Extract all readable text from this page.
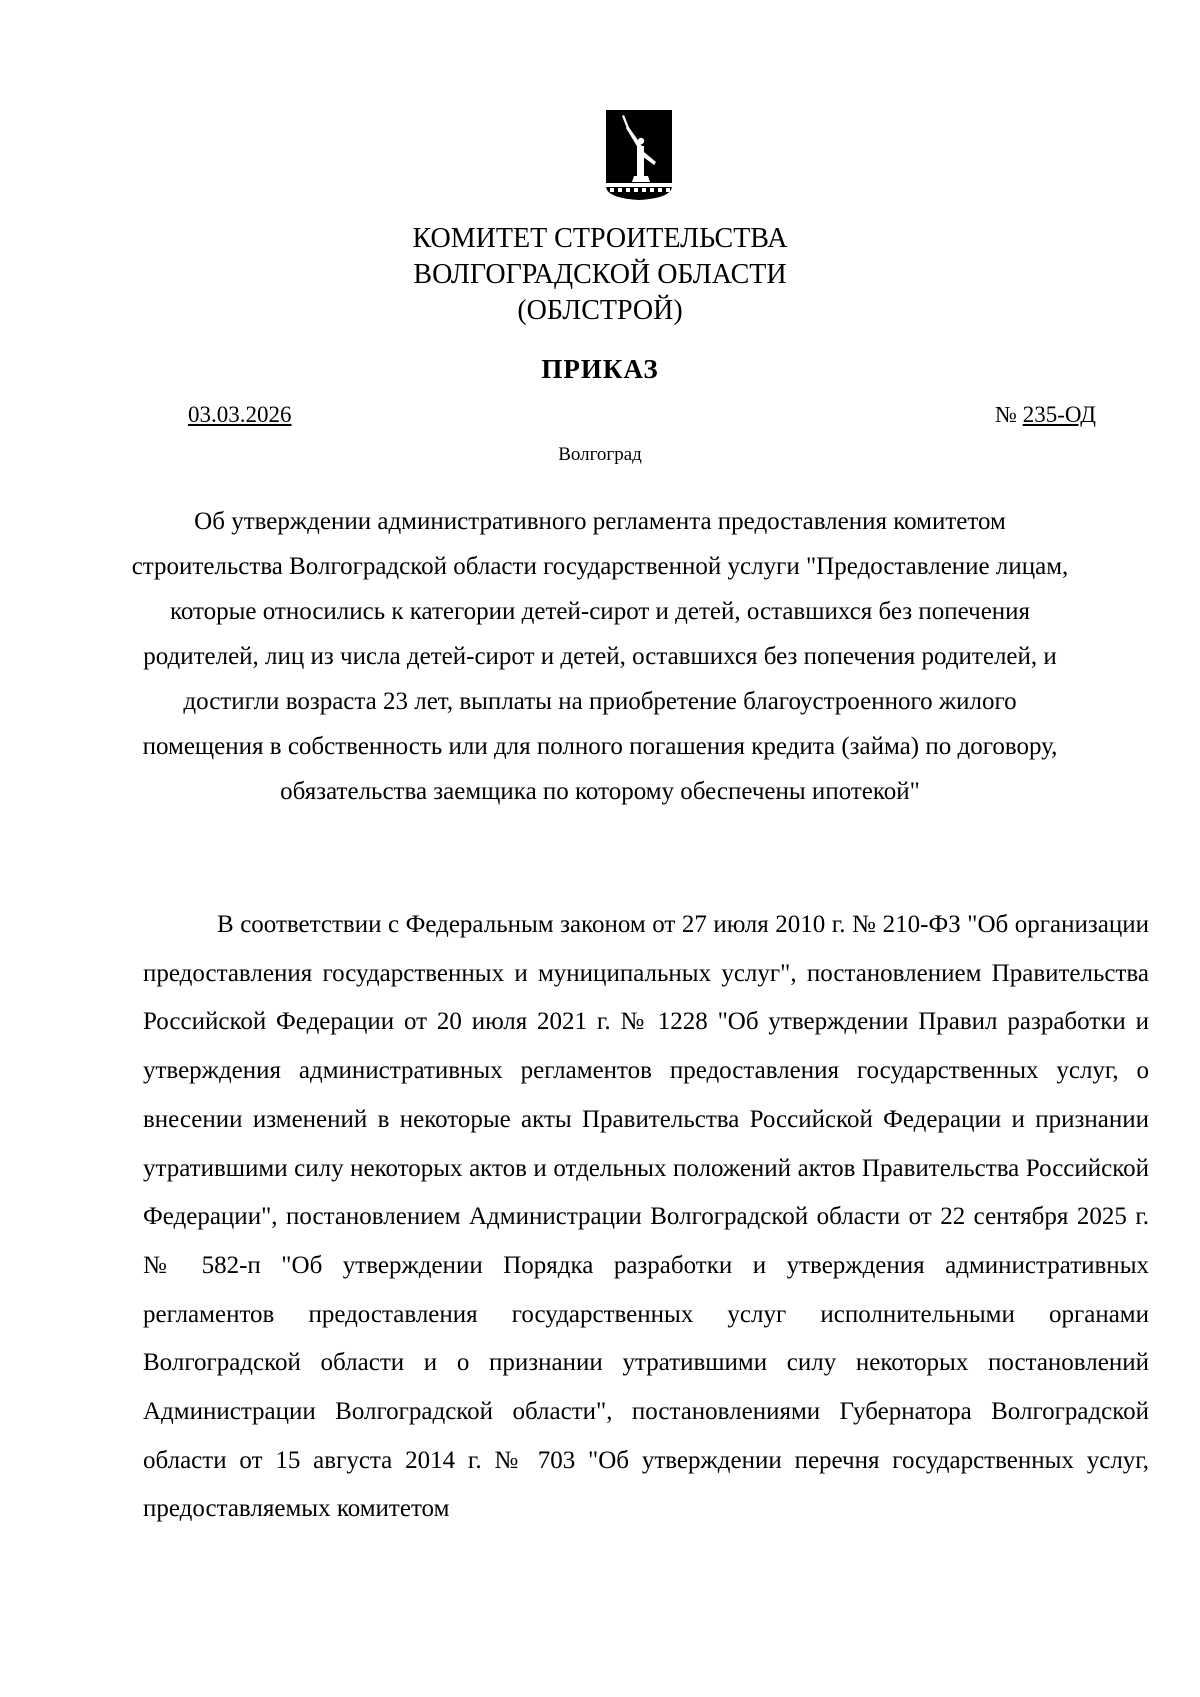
КОМИТЕТ СТРОИТЕЛЬСТВА
ВОЛГОГРАДСКОЙ ОБЛАСТИ
(ОБЛСТРОЙ)
ПРИКАЗ
03.03.2026	№ 235-ОД
Волгоград
Об утверждении административного регламента предоставления комитетом строительства Волгоградской области государственной услуги "Предоставление лицам, которые относились к категории детей-сирот и детей, оставшихся без попечения родителей, лиц из числа детей-сирот и детей, оставшихся без попечения родителей, и достигли возраста 23 лет, выплаты на приобретение благоустроенного жилого помещения в собственность или для полного погашения кредита (займа) по договору, обязательства заемщика по которому обеспечены ипотекой"
В соответствии с Федеральным законом от 27 июля 2010 г. № 210-ФЗ "Об организации предоставления государственных и муниципальных услуг", постановлением Правительства Российской Федерации от 20 июля 2021 г. № 1228 "Об утверждении Правил разработки и утверждения административных регламентов предоставления государственных услуг, о внесении изменений в некоторые акты Правительства Российской Федерации и признании утратившими силу некоторых актов и отдельных положений актов Правительства Российской Федерации", постановлением Администрации Волгоградской области от 22 сентября 2025 г. № 582-п "Об утверждении Порядка разработки и утверждения административных регламентов предоставления государственных услуг исполнительными органами Волгоградской области и о признании утратившими силу некоторых постановлений Администрации Волгоградской области", постановлениями Губернатора Волгоградской области от 15 августа 2014 г. № 703 "Об утверждении перечня государственных услуг, предоставляемых комитетом
